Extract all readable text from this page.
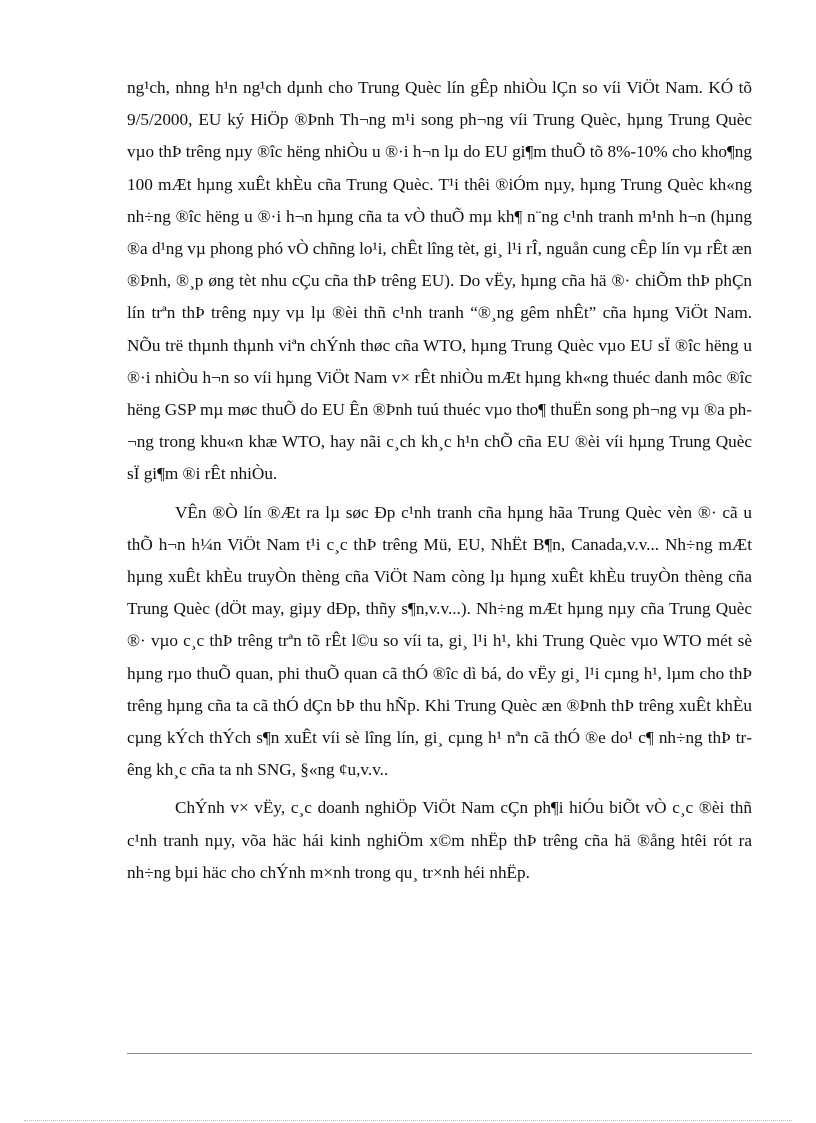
ng¹ch, nhng h¹n ng¹ch dµnh cho Trung Quèc lín gÊp nhiÒu lÇn so víi ViÖt Nam. KÓ tõ 9/5/2000, EU ký HiÖp ®Þnh Th¬ng m¹i song ph¬ng víi Trung Quèc, hµng Trung Quèc vµo thÞ trêng nµy ®îc hëng nhiÒu u ®·i h¬n lµ do EU gi¶m thuÕ tõ 8%-10% cho kho¶ng 100 mÆt hµng xuÊt khÈu cña Trung Quèc. T¹i thêi ®iÓm nµy, hµng Trung Quèc kh«ng nh÷ng ®îc hëng u ®·i h¬n hµng cña ta vÒ thuÕ mµ kh¶ n¨ng c¹nh tranh m¹nh h¬n (hµng ®a d¹ng vµ phong phó vÒ chñng lo¹i, chÊt lîng tèt, gi¸ l¹i rÎ, nguån cung cÊp lín vµ rÊt æn ®Þnh, ®¸p øng tèt nhu cÇu cña thÞ trêng EU). Do vËy, hµng cña hä ®· chiÕm thÞ phÇn lín trªn thÞ trêng nµy vµ lµ ®èi thñ c¹nh tranh “®¸ng gêm nhÊt” cña hµng ViÖt Nam. NÕu trë thµnh thµnh viªn chÝnh thøc cña WTO, hµng Trung Quèc vµo EU sÏ ®îc hëng u ®·i nhiÒu h¬n so víi hµng ViÖt Nam v× rÊt nhiÒu mÆt hµng kh«ng thuéc danh môc ®îc hëng GSP mµ møc thuÕ do EU Ên ®Þnh tuú thuéc vµo tho¶ thuËn song ph¬ng vµ ®a ph¬ng trong khu«n khæ WTO, hay nãi c¸ch kh¸c h¹n chÕ cña EU ®èi víi hµng Trung Quèc sÏ gi¶m ®i rÊt nhiÒu.

VÊn ®Ò lín ®Æt ra lµ søc Ðp c¹nh tranh cña hµng hãa Trung Quèc vèn ®· cã u thÕ h¬n h¼n ViÖt Nam t¹i c¸c thÞ trêng Mü, EU, NhËt B¶n, Canada,v.v... Nh÷ng mÆt hµng xuÊt khÈu truyÒn thèng cña ViÖt Nam còng lµ hµng xuÊt khÈu truyÒn thèng cña Trung Quèc (dÖt may, giµy dÐp, thñy s¶n,v.v...). Nh÷ng mÆt hµng nµy cña Trung Quèc ®· vµo c¸c thÞ trêng trªn tõ rÊt l©u so víi ta, gi¸ l¹i h¹, khi Trung Quèc vµo WTO mét sè hµng rµo thuÕ quan, phi thuÕ quan cã thÓ ®îc dì bá, do vËy gi¸ l¹i cµng h¹, lµm cho thÞ trêng hµng cña ta cã thÓ dÇn bÞ thu hÑp. Khi Trung Quèc æn ®Þnh thÞ trêng xuÊt khÈu cµng kÝch thÝch s¶n xuÊt víi sè lîng lín, gi¸ cµng h¹ nªn cã thÓ ®e do¹ c¶ nh÷ng thÞ trêng kh¸c cña ta nh SNG, §«ng ¢u,v.v..

ChÝnh v× vËy, c¸c doanh nghiÖp ViÖt Nam cÇn ph¶i hiÓu biÕt vÒ c¸c ®èi thñ c¹nh tranh nµy, võa häc hái kinh nghiÖm x©m nhËp thÞ trêng cña hä ®ång htêi rót ra nh÷ng bµi häc cho chÝnh m×nh trong qu¸ tr×nh héi nhËp.
